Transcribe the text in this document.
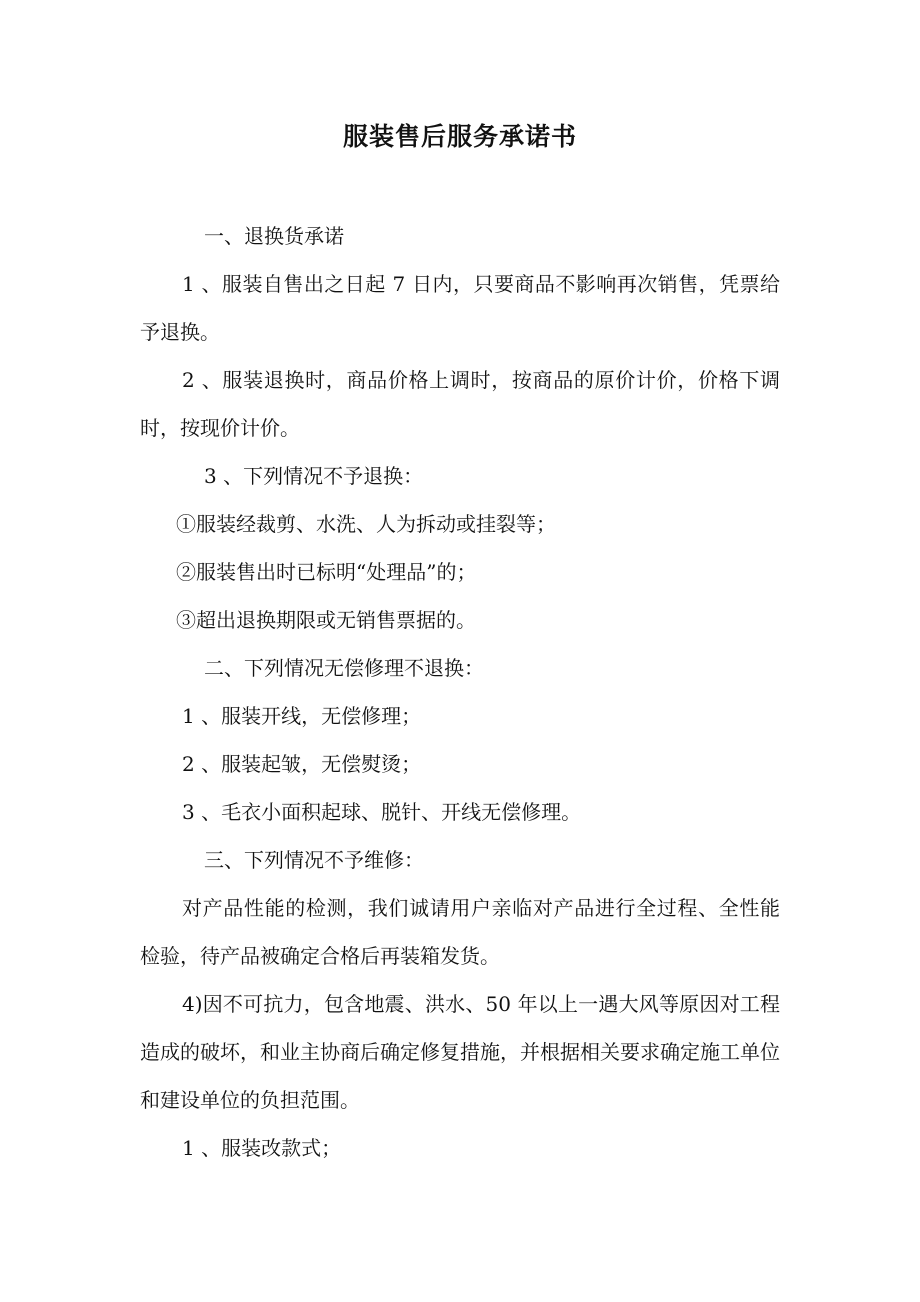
服装售后服务承诺书

一、退换货承诺

1 、服装自售出之日起 7 日内，只要商品不影响再次销售，凭票给予退换。

2 、服装退换时，商品价格上调时，按商品的原价计价，价格下调时，按现价计价。

3 、下列情况不予退换：

①服装经裁剪、水洗、人为拆动或挂裂等；

②服装售出时已标明“处理品”的；

③超出退换期限或无销售票据的。

二、下列情况无偿修理不退换：

1 、服装开线，无偿修理；

2 、服装起皱，无偿熨烫；

3 、毛衣小面积起球、脱针、开线无偿修理。

三、下列情况不予维修：

对产品性能的检测，我们诚请用户亲临对产品进行全过程、全性能检验，待产品被确定合格后再装箱发货。

4)因不可抗力，包含地震、洪水、50 年以上一遇大风等原因对工程造成的破坏，和业主协商后确定修复措施，并根据相关要求确定施工单位和建设单位的负担范围。

1 、服装改款式；
